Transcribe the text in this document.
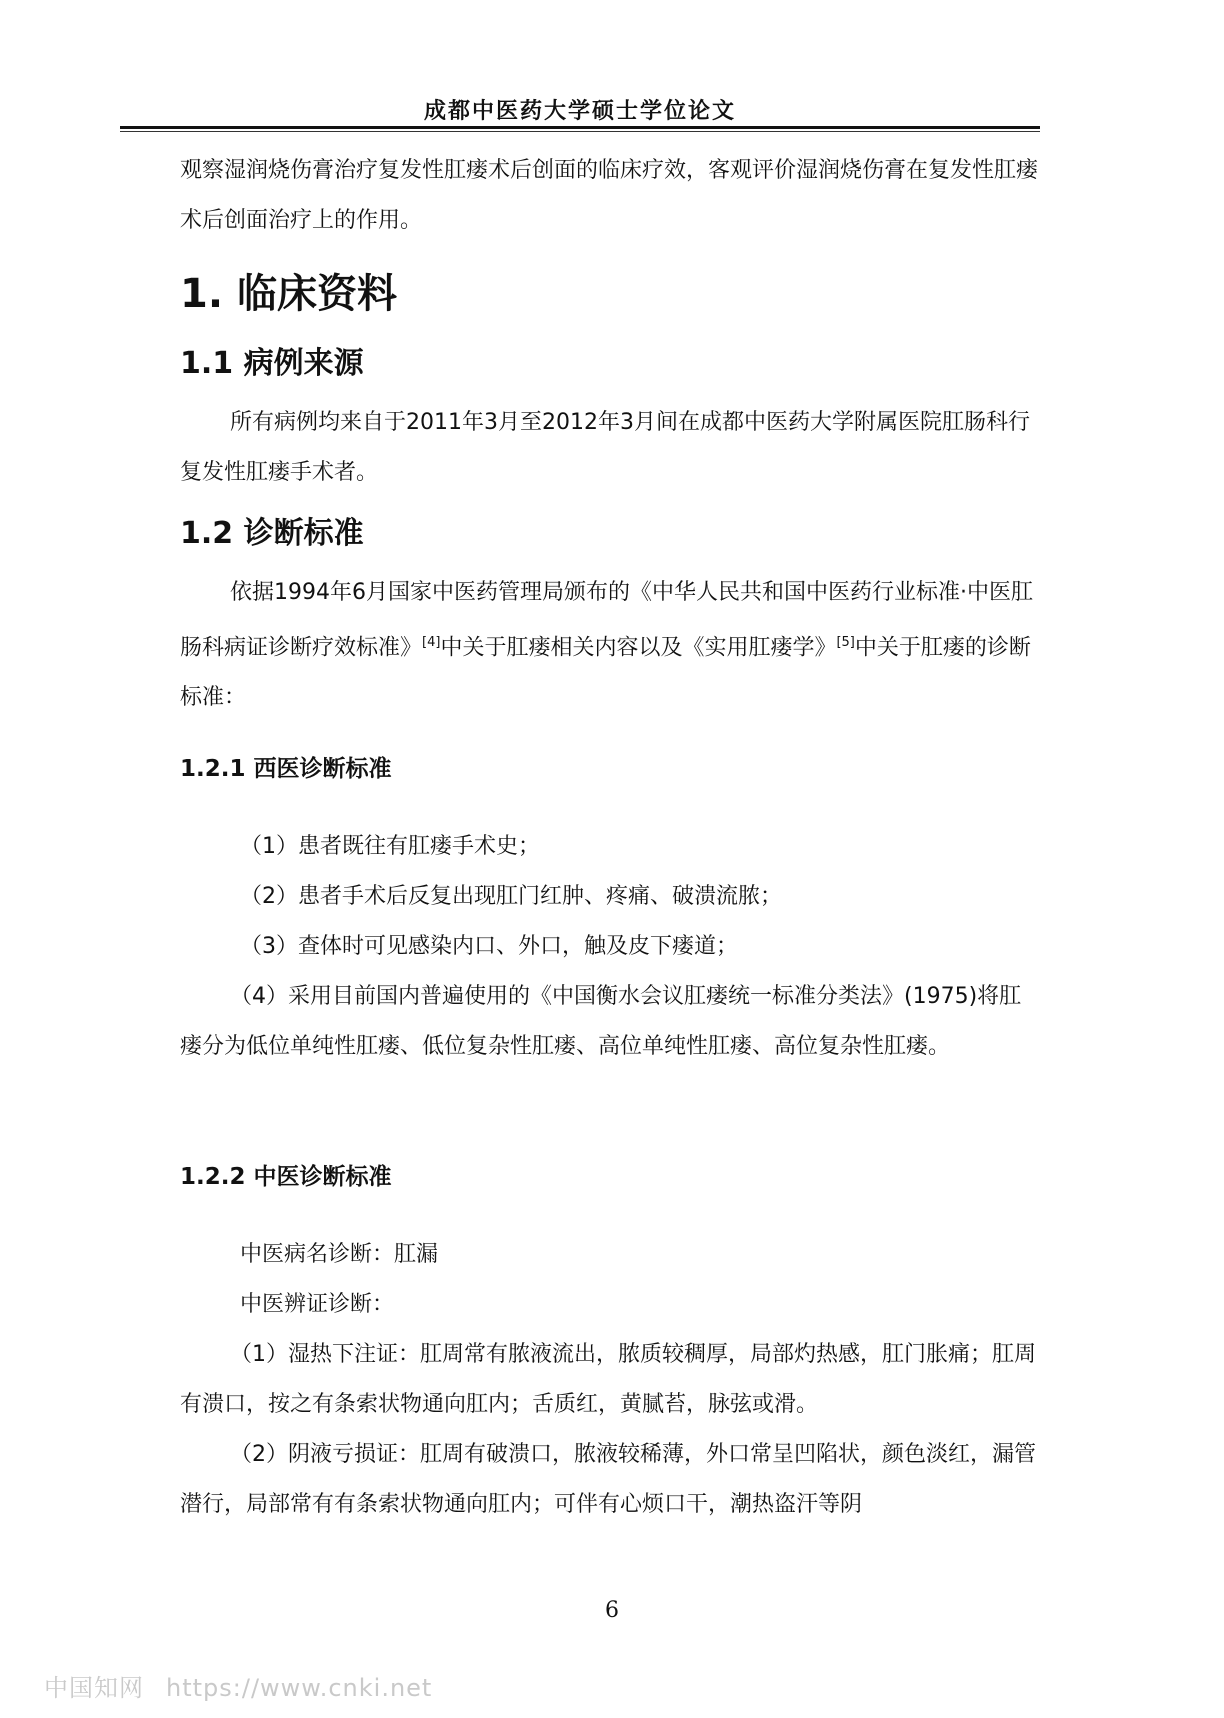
成都中医药大学硕士学位论文

观察湿润烧伤膏治疗复发性肛瘘术后创面的临床疗效，客观评价湿润烧伤膏在复发性肛瘘术后创面治疗上的作用。

1. 临床资料
1.1 病例来源

所有病例均来自于2011年3月至2012年3月间在成都中医药大学附属医院肛肠科行复发性肛瘘手术者。

1.2 诊断标准

依据1994年6月国家中医药管理局颁布的《中华人民共和国中医药行业标准·中医肛肠科病证诊断疗效标准》[4]中关于肛瘘相关内容以及《实用肛瘘学》[5]中关于肛瘘的诊断标准：

1.2.1 西医诊断标准

（1）患者既往有肛瘘手术史；

（2）患者手术后反复出现肛门红肿、疼痛、破溃流脓；

（3）查体时可见感染内口、外口，触及皮下瘘道；

（4）采用目前国内普遍使用的《中国衡水会议肛瘘统一标准分类法》(1975)将肛瘘分为低位单纯性肛瘘、低位复杂性肛瘘、高位单纯性肛瘘、高位复杂性肛瘘。

1.2.2 中医诊断标准

中医病名诊断：肛漏

中医辨证诊断：

（1）湿热下注证：肛周常有脓液流出，脓质较稠厚，局部灼热感，肛门胀痛；肛周有溃口，按之有条索状物通向肛内；舌质红，黄腻苔，脉弦或滑。

（2）阴液亏损证：肛周有破溃口，脓液较稀薄，外口常呈凹陷状，颜色淡红，漏管潜行，局部常有有条索状物通向肛内；可伴有心烦口干，潮热盗汗等阴

6
中国知网 https://www.cnki.net
